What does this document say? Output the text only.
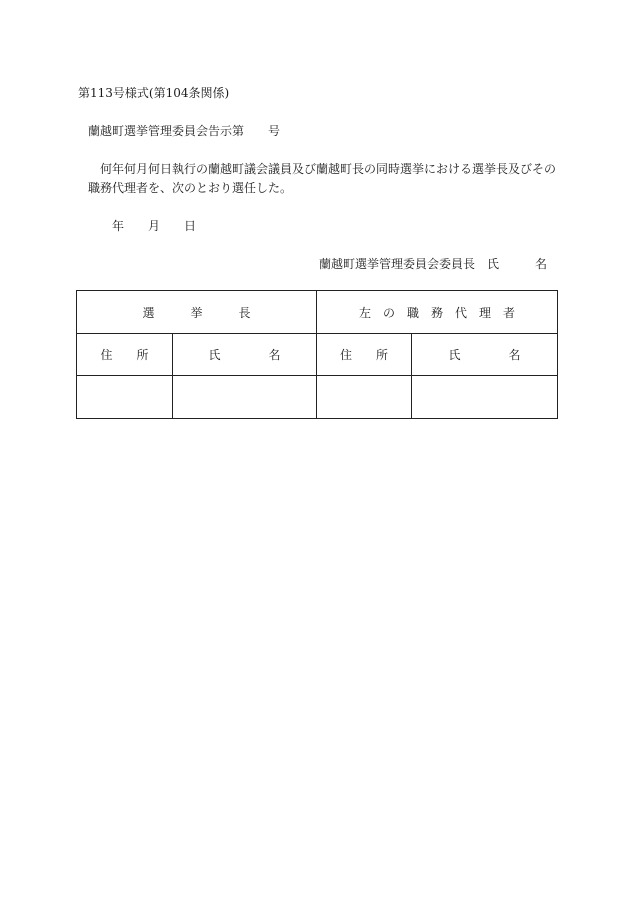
第113号様式(第104条関係)
蘭越町選挙管理委員会告示第　　号
何年何月何日執行の蘭越町議会議員及び蘭越町長の同時選挙における選挙長及びその
職務代理者を、次のとおり選任した。
年 月 日
蘭越町選挙管理委員会委員長　氏　　　名
選　　　挙　　　長		左　の　職　務　代　理　者	
住　　所	氏　　　　名	住　　所	氏　　　　名
